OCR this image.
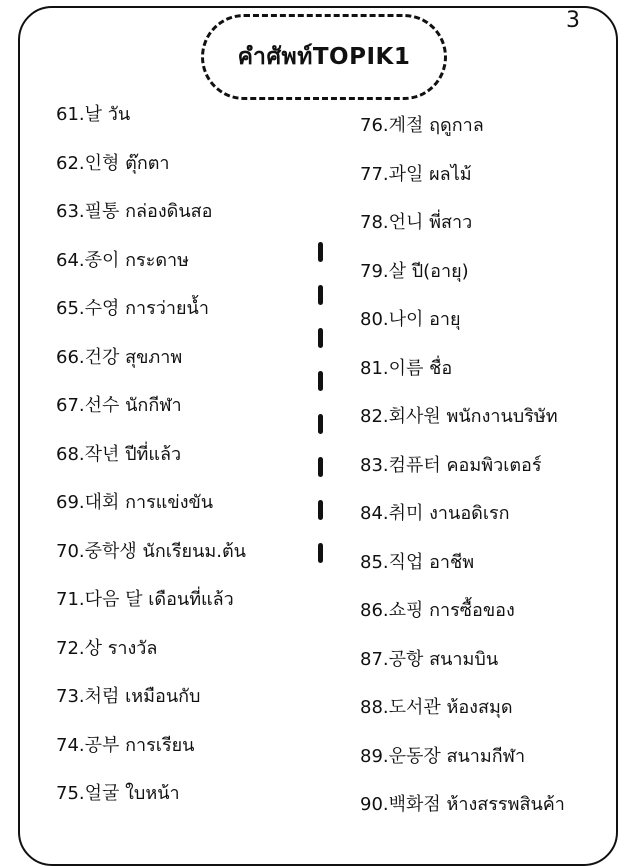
3
คำศัพท์TOPIK1
61.날 วัน
62.인형 ตุ๊กตา
63.필통 กล่องดินสอ
64.종이 กระดาษ
65.수영 การว่ายน้ำ
66.건강 สุขภาพ
67.선수 นักกีฬา
68.작년 ปีที่แล้ว
69.대회 การแข่งขัน
70.중학생 นักเรียนม.ต้น
71.다음 달 เดือนที่แล้ว
72.상 รางวัล
73.처럼 เหมือนกับ
74.공부 การเรียน
75.얼굴 ใบหน้า
76.계절 ฤดูกาล
77.과일 ผลไม้
78.언니 พี่สาว
79.살 ปี(อายุ)
80.나이 อายุ
81.이름 ชื่อ
82.회사원 พนักงานบริษัท
83.컴퓨터 คอมพิวเตอร์
84.취미 งานอดิเรก
85.직업 อาชีพ
86.쇼핑 การซื้อของ
87.공항 สนามบิน
88.도서관 ห้องสมุด
89.운동장 สนามกีฬา
90.백화점 ห้างสรรพสินค้า
